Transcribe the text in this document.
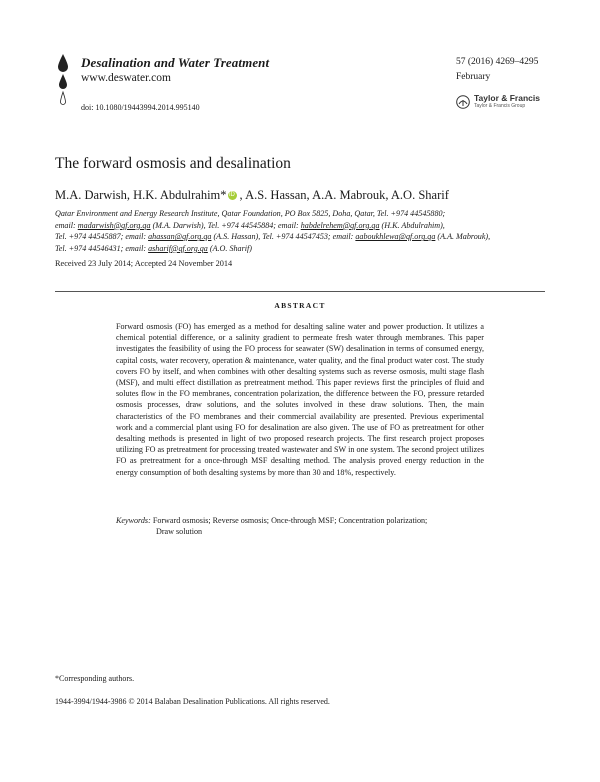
Desalination and Water Treatment
www.deswater.com
doi: 10.1080/19443994.2014.995140
57 (2016) 4269–4295
February
Taylor & Francis
Taylor & Francis Group
The forward osmosis and desalination
M.A. Darwish, H.K. Abdulrahim* iD , A.S. Hassan, A.A. Mabrouk, A.O. Sharif
Qatar Environment and Energy Research Institute, Qatar Foundation, PO Box 5825, Doha, Qatar, Tel. +974 44545880;
email: madarwish@qf.org.qa (M.A. Darwish), Tel. +974 44545884; email: habdelrehem@qf.org.qa (H.K. Abdulrahim),
Tel. +974 44545887; email: ahassan@qf.org.qa (A.S. Hassan), Tel. +974 44547453; email: aaboukhlewa@qf.org.qa (A.A. Mabrouk),
Tel. +974 44546431; email: asharif@qf.org.qa (A.O. Sharif)
Received 23 July 2014; Accepted 24 November 2014
ABSTRACT
Forward osmosis (FO) has emerged as a method for desalting saline water and power production. It utilizes a chemical potential difference, or a salinity gradient to permeate fresh water through membranes. This paper investigates the feasibility of using the FO process for seawater (SW) desalination in terms of consumed energy, capital costs, water recovery, operation & maintenance, water quality, and the final product water cost. The study covers FO by itself, and when combines with other desalting systems such as reverse osmosis, multi stage flash (MSF), and multi effect distillation as pretreatment method. This paper reviews first the principles of fluid and solutes flow in the FO membranes, concentration polarization, the difference between the FO, pressure retarded osmosis processes, draw solutions, and the solutes involved in these draw solutions. Then, the main characteristics of the FO membranes and their commercial availability are presented. Previous experimental work and a commercial plant using FO for desalination are also given. The use of FO as pretreatment for other desalting methods is presented in light of two proposed research projects. The first research project proposes utilizing FO as pretreatment for processing treated wastewater and SW in one system. The second project utilizes FO as pretreatment for a once-through MSF desalting method. The analysis proved energy reduction in the energy consumption of both desalting systems by more than 30 and 18%, respectively.
Keywords: Forward osmosis; Reverse osmosis; Once-through MSF; Concentration polarization;
Draw solution
*Corresponding authors.
1944-3994/1944-3986 © 2014 Balaban Desalination Publications. All rights reserved.
